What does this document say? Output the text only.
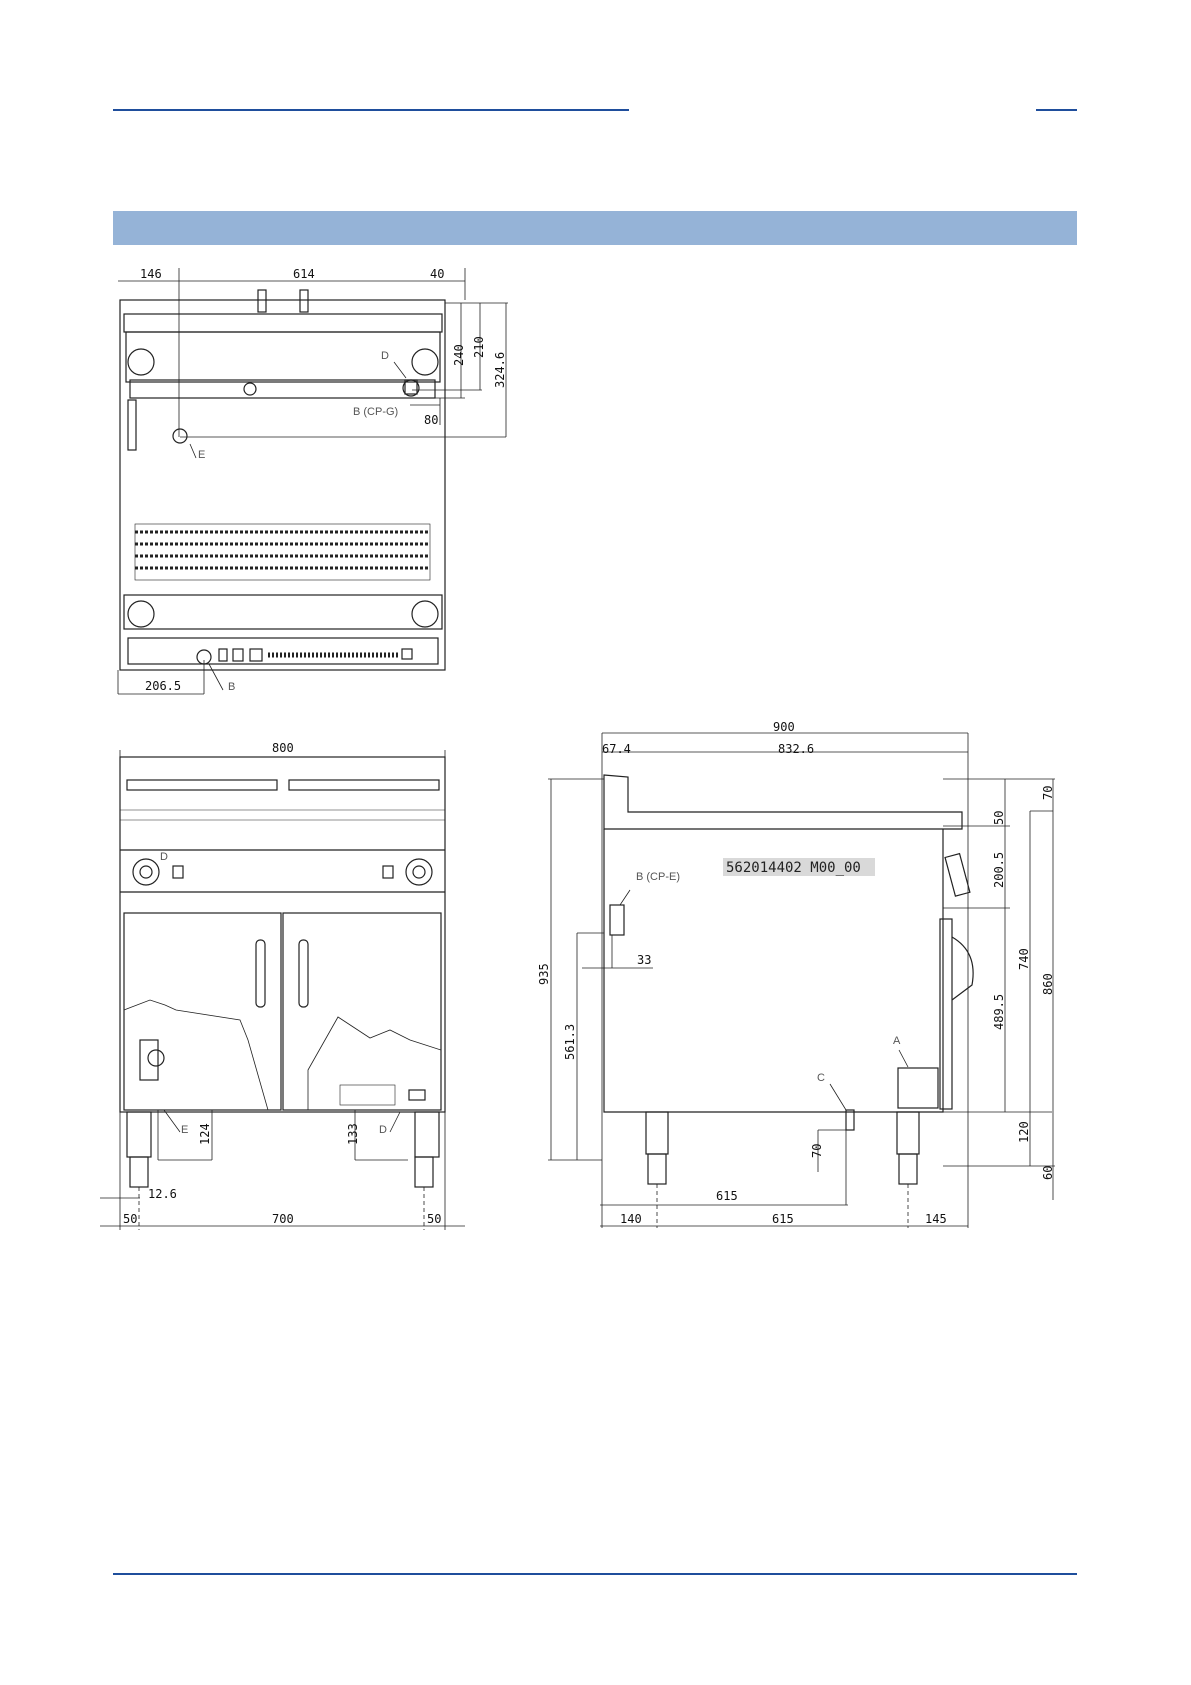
146	614	40
240 210
324.6
80
206.5
D
B (CP-G)
E
B
800
D
E 124	133 D
12.6
50	700	50
562014402 M00_00
900
67.4	832.6
935
561.3
33
70
50
200.5
740
860
489.5
120
60
70
615
140	615	145
B (CP-E)
A
C
